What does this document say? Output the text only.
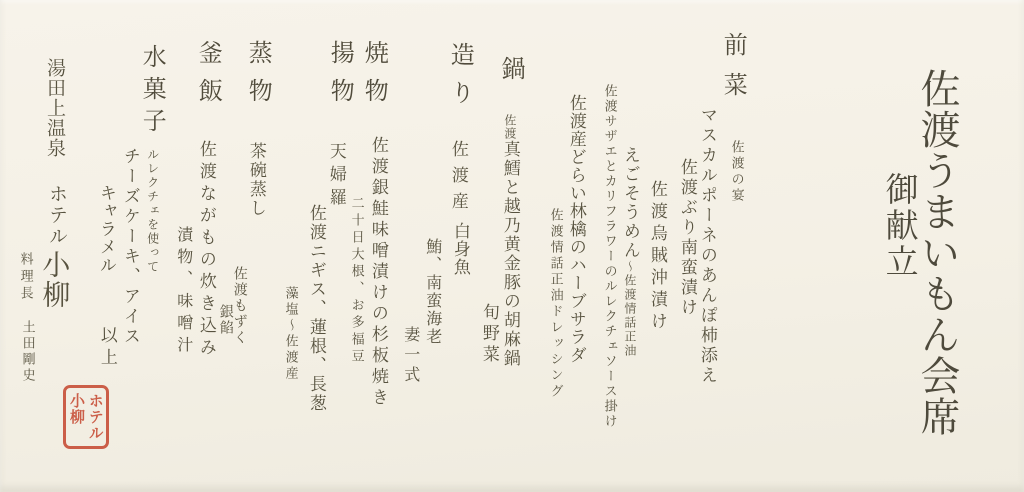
佐渡うまいもん会席
御献立
前菜
佐渡の宴
マスカルポーネのあんぽ柿添え
佐渡ぶり南蛮漬け
佐渡烏賊沖漬け
えごそうめん〜佐渡情話正油
佐渡サザエとカリフラワーのルレクチェソース掛け
佐渡産どらい林檎のハーブサラダ
佐渡情話正油ドレッシング
鍋
佐渡真鱈と越乃黄金豚の胡麻鍋
旬野菜
造り
佐渡産
白身魚
鮪、南蛮海老
妻一式
焼物
佐渡銀鮭味噌漬けの杉板焼き
二十日大根、お多福豆
揚物
天婦羅
佐渡ニギス、蓮根、長葱
藻塩〜佐渡産
蒸物
茶碗蒸し
佐渡もずく
銀餡
釜飯
佐渡ながもの炊き込み
漬物、味噌汁
水菓子
ルレクチェを使って
チーズケーキ、アイス
キャラメル
以上
湯田上温泉
ホテル
小柳
料理長
土田剛史
ホテル
小柳
